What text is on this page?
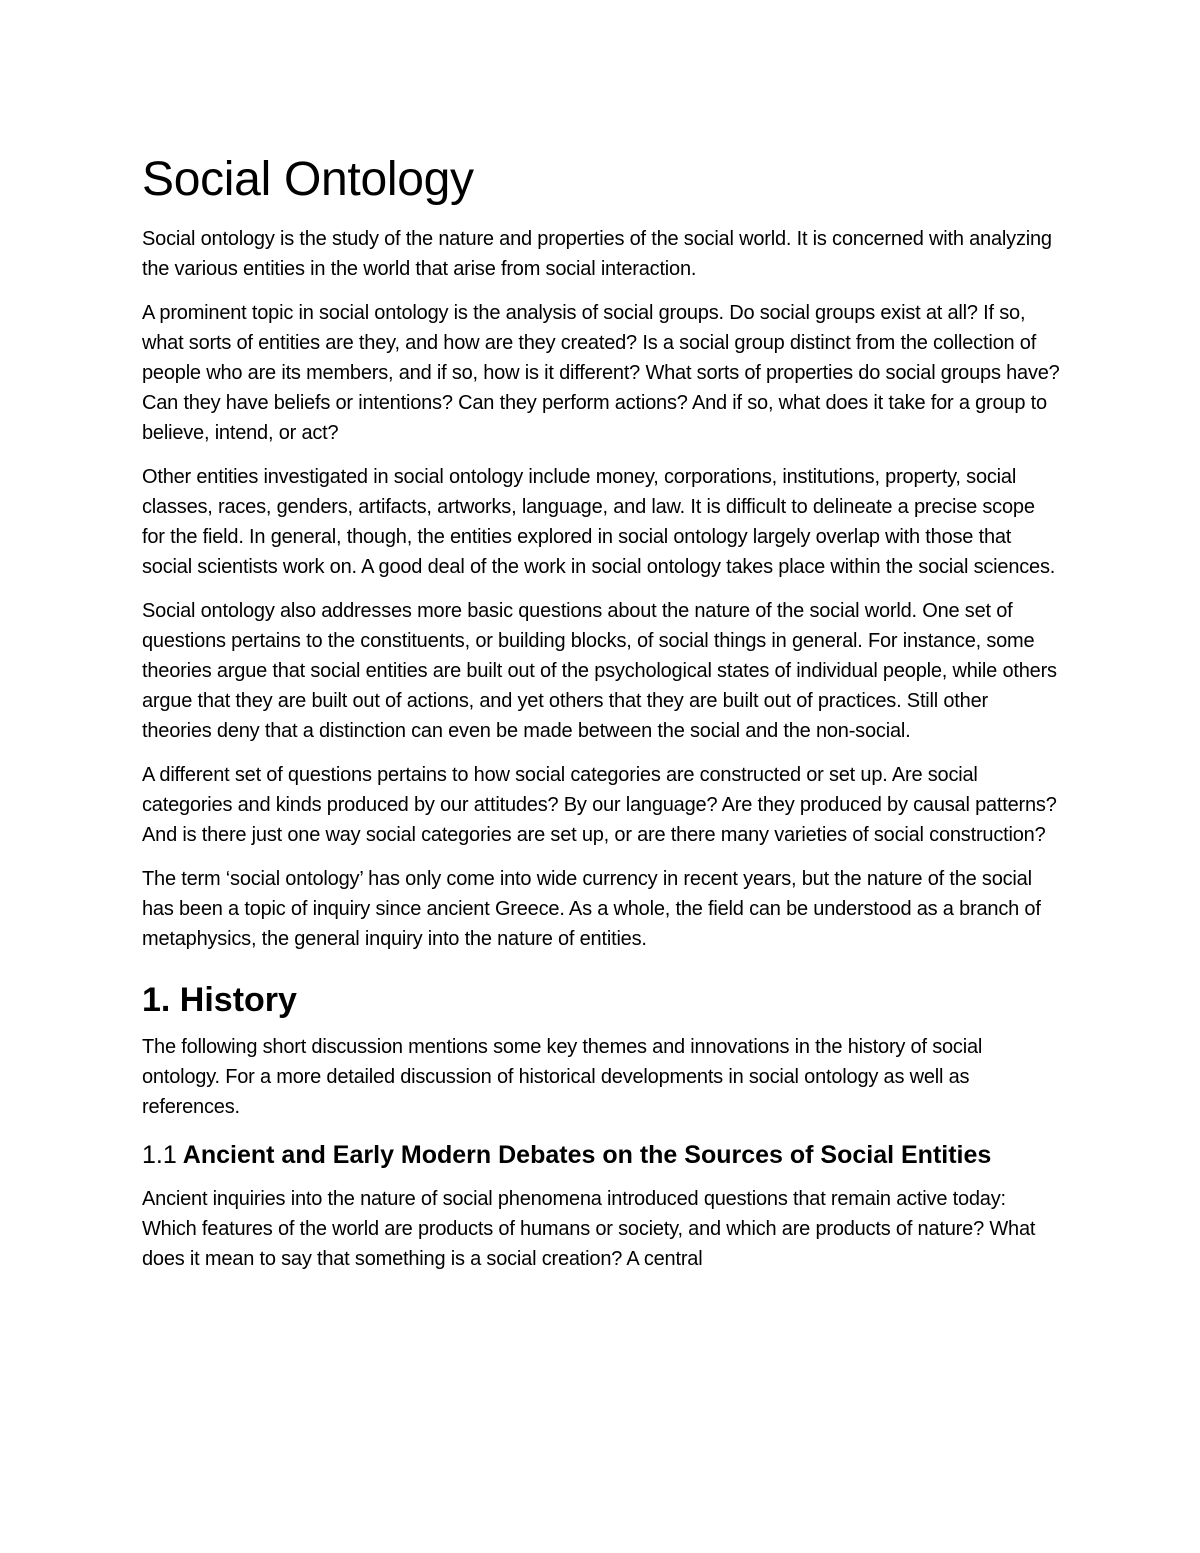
Social Ontology

Social ontology is the study of the nature and properties of the social world. It is concerned with analyzing the various entities in the world that arise from social interaction.

A prominent topic in social ontology is the analysis of social groups. Do social groups exist at all? If so, what sorts of entities are they, and how are they created? Is a social group distinct from the collection of people who are its members, and if so, how is it different? What sorts of properties do social groups have? Can they have beliefs or intentions? Can they perform actions? And if so, what does it take for a group to believe, intend, or act?

Other entities investigated in social ontology include money, corporations, institutions, property, social classes, races, genders, artifacts, artworks, language, and law. It is difficult to delineate a precise scope for the field. In general, though, the entities explored in social ontology largely overlap with those that social scientists work on. A good deal of the work in social ontology takes place within the social sciences.

Social ontology also addresses more basic questions about the nature of the social world. One set of questions pertains to the constituents, or building blocks, of social things in general. For instance, some theories argue that social entities are built out of the psychological states of individual people, while others argue that they are built out of actions, and yet others that they are built out of practices. Still other theories deny that a distinction can even be made between the social and the non-social.

A different set of questions pertains to how social categories are constructed or set up. Are social categories and kinds produced by our attitudes? By our language? Are they produced by causal patterns? And is there just one way social categories are set up, or are there many varieties of social construction?

The term ‘social ontology’ has only come into wide currency in recent years, but the nature of the social has been a topic of inquiry since ancient Greece. As a whole, the field can be understood as a branch of metaphysics, the general inquiry into the nature of entities.

1. History

The following short discussion mentions some key themes and innovations in the history of social ontology. For a more detailed discussion of historical developments in social ontology as well as references.

1.1 Ancient and Early Modern Debates on the Sources of Social Entities

Ancient inquiries into the nature of social phenomena introduced questions that remain active today: Which features of the world are products of humans or society, and which are products of nature? What does it mean to say that something is a social creation? A central
